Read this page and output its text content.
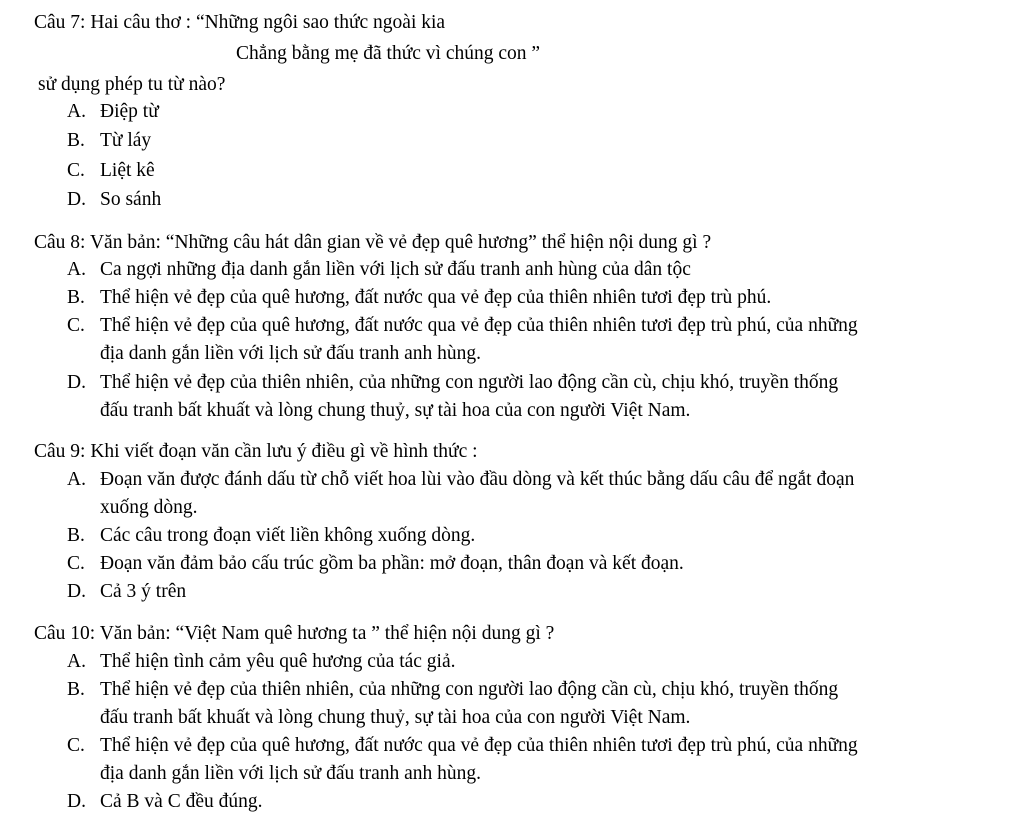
Câu 7: Hai câu thơ : “Những ngôi sao thức ngoài kia
Chẳng bằng mẹ đã thức vì chúng con ”
sử dụng phép tu từ nào?
A. Điệp từ
B. Từ láy
C. Liệt kê
D. So sánh
Câu 8: Văn bản: “Những câu hát dân gian về vẻ đẹp quê hương” thể hiện nội dung gì ?
A. Ca ngợi những địa danh gắn liền với lịch sử đấu tranh anh hùng của dân tộc
B. Thể hiện vẻ đẹp của quê hương, đất nước qua vẻ đẹp của thiên nhiên tươi đẹp trù phú.
C. Thể hiện vẻ đẹp của quê hương, đất nước qua vẻ đẹp của thiên nhiên tươi đẹp trù phú, của những
địa danh gắn liền với lịch sử đấu tranh anh hùng.
D. Thể hiện vẻ đẹp của thiên nhiên, của những con người lao động cần cù, chịu khó, truyền thống
đấu tranh bất khuất và lòng chung thuỷ, sự tài hoa của con người Việt Nam.
Câu 9: Khi viết đoạn văn cần lưu ý điều gì về hình thức :
A. Đoạn văn được đánh dấu từ chỗ viết hoa lùi vào đầu dòng và kết thúc bằng dấu câu để ngắt đoạn
xuống dòng.
B. Các câu trong đoạn viết liền không xuống dòng.
C. Đoạn văn đảm bảo cấu trúc gồm ba phần: mở đoạn, thân đoạn và kết đoạn.
D. Cả 3 ý trên
Câu 10: Văn bản: “Việt Nam quê hương ta ” thể hiện nội dung gì ?
A. Thể hiện tình cảm yêu quê hương của tác giả.
B. Thể hiện vẻ đẹp của thiên nhiên, của những con người lao động cần cù, chịu khó, truyền thống
đấu tranh bất khuất và lòng chung thuỷ, sự tài hoa của con người Việt Nam.
C. Thể hiện vẻ đẹp của quê hương, đất nước qua vẻ đẹp của thiên nhiên tươi đẹp trù phú, của những
địa danh gắn liền với lịch sử đấu tranh anh hùng.
D. Cả B và C đều đúng.
